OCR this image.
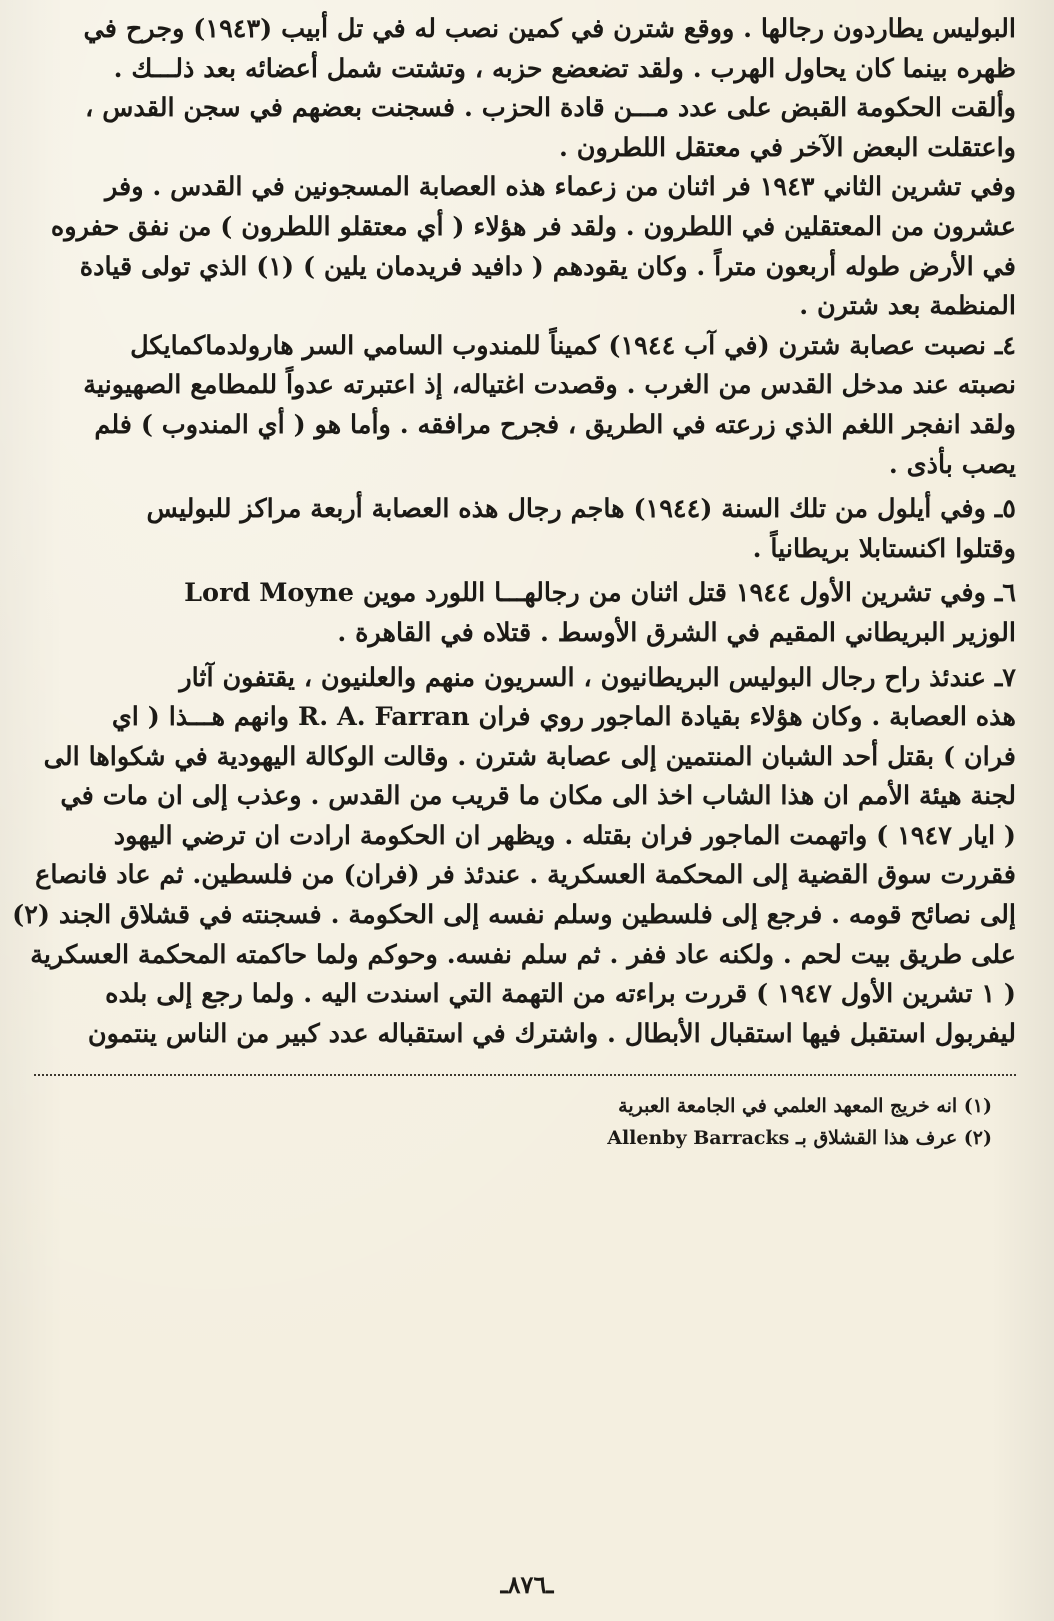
البوليس يطاردون رجالها . ووقع شترن في كمين نصب له في تل أبيب (١٩٤٣) وجرح في
ظهره بينما كان يحاول الهرب . ولقد تضعضع حزبه ، وتشتت شمل أعضائه بعد ذلـــك .
وألقت الحكومة القبض على عدد مـــن قادة الحزب . فسجنت بعضهم في سجن القدس ،
واعتقلت البعض الآخر في معتقل اللطرون .
وفي تشرين الثاني ١٩٤٣ فر اثنان من زعماء هذه العصابة المسجونين في القدس . وفر
عشرون من المعتقلين في اللطرون . ولقد فر هؤلاء ( أي معتقلو اللطرون ) من نفق حفروه
في الأرض طوله أربعون متراً . وكان يقودهم ( دافيد فريدمان يلين ) (١) الذي تولى قيادة
المنظمة بعد شترن .
٤ـ نصبت عصابة شترن (في آب ١٩٤٤) كميناً للمندوب السامي السر هارولدماكمايكل
نصبته عند مدخل القدس من الغرب . وقصدت اغتياله، إذ اعتبرته عدواً للمطامع الصهيونية
ولقد انفجر اللغم الذي زرعته في الطريق ، فجرح مرافقه . وأما هو ( أي المندوب ) فلم
يصب بأذى .
٥ـ وفي أيلول من تلك السنة (١٩٤٤) هاجم رجال هذه العصابة أربعة مراكز للبوليس
وقتلوا اكنستابلا بريطانياً .
٦ـ وفي تشرين الأول ١٩٤٤ قتل اثنان من رجالهـــا اللورد موين Lord Moyne
الوزير البريطاني المقيم في الشرق الأوسط . قتلاه في القاهرة .
٧ـ عندئذ راح رجال البوليس البريطانيون ، السريون منهم والعلنيون ، يقتفون آثار
هذه العصابة . وكان هؤلاء بقيادة الماجور روي فران R. A. Farran وانهم هـــذا ( اي
فران ) بقتل أحد الشبان المنتمين إلى عصابة شترن . وقالت الوكالة اليهودية في شكواها الى
لجنة هيئة الأمم ان هذا الشاب اخذ الى مكان ما قريب من القدس . وعذب إلى ان مات في
( ايار ١٩٤٧ ) واتهمت الماجور فران بقتله . ويظهر ان الحكومة ارادت ان ترضي اليهود
فقررت سوق القضية إلى المحكمة العسكرية . عندئذ فر (فران) من فلسطين. ثم عاد فانصاع
إلى نصائح قومه . فرجع إلى فلسطين وسلم نفسه إلى الحكومة . فسجنته في قشلاق الجند (٢)
على طريق بيت لحم . ولكنه عاد ففر . ثم سلم نفسه. وحوكم ولما حاكمته المحكمة العسكرية
( ١ تشرين الأول ١٩٤٧ ) قررت براءته من التهمة التي اسندت اليه . ولما رجع إلى بلده
ليفربول استقبل فيها استقبال الأبطال . واشترك في استقباله عدد كبير من الناس ينتمون
(١) انه خريج المعهد العلمي في الجامعة العبرية
(٢) عرف هذا القشلاق بـ Allenby Barracks
ـ٨٧٦ـ
